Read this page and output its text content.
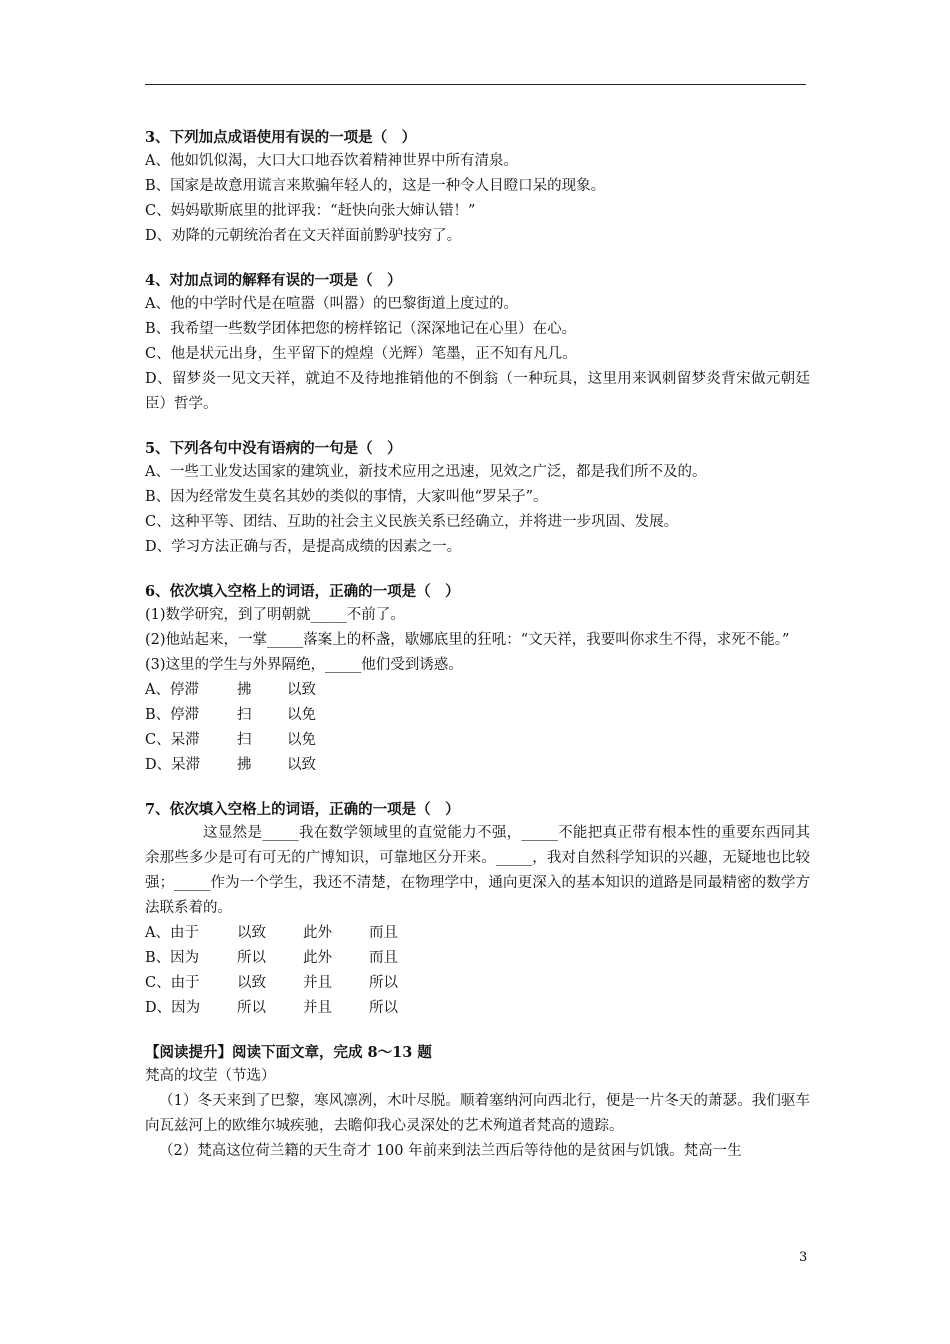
3、下列加点成语使用有误的一项是（　）
A、他如饥似渴，大口大口地吞饮着精神世界中所有清泉。
B、国家是故意用谎言来欺骗年轻人的，这是一种令人目瞪口呆的现象。
C、妈妈歇斯底里的批评我：“赶快向张大婶认错！”
D、劝降的元朝统治者在文天祥面前黔驴技穷了。
4、对加点词的解释有误的一项是（　）
A、他的中学时代是在喧嚣（叫嚣）的巴黎街道上度过的。
B、我希望一些数学团体把您的榜样铭记（深深地记在心里）在心。
C、他是状元出身，生平留下的煌煌（光辉）笔墨，正不知有凡几。
D、留梦炎一见文天祥，就迫不及待地推销他的不倒翁（一种玩具，这里用来讽刺留梦炎背宋做元朝廷臣）哲学。
5、下列各句中没有语病的一句是（　）
A、一些工业发达国家的建筑业，新技术应用之迅速，见效之广泛，都是我们所不及的。
B、因为经常发生莫名其妙的类似的事情，大家叫他“罗呆子”。
C、这种平等、团结、互助的社会主义民族关系已经确立，并将进一步巩固、发展。
D、学习方法正确与否，是提高成绩的因素之一。
6、依次填入空格上的词语，正确的一项是（　）
(1)数学研究，到了明朝就_____不前了。
(2)他站起来，一掌_____落案上的杯盏，歇娜底里的狂吼：“文天祥，我要叫你求生不得，求死不能。”
(3)这里的学生与外界隔绝，_____他们受到诱惑。
A、停滞	拂 以致
B、停滞	扫 以免
C、呆滞	扫 以免
D、呆滞	拂 以致
7、依次填入空格上的词语，正确的一项是（　）
这显然是_____我在数学领域里的直觉能力不强，_____不能把真正带有根本性的重要东西同其余那些多少是可有可无的广博知识，可靠地区分开来。_____，我对自然科学知识的兴趣，无疑地也比较强；_____作为一个学生，我还不清楚，在物理学中，通向更深入的基本知识的道路是同最精密的数学方法联系着的。
A、由于	以致	此外	而且
B、因为	所以	此外	而且
C、由于	以致	并且	所以
D、因为	所以	并且	所以
【阅读提升】阅读下面文章，完成 8～13 题
梵高的坟茔（节选）
（1）冬天来到了巴黎，寒风凛冽，木叶尽脱。顺着塞纳河向西北行，便是一片冬天的萧瑟。我们驱车向瓦兹河上的欧维尔城疾驰，去瞻仰我心灵深处的艺术殉道者梵高的遗踪。
（2）梵高这位荷兰籍的天生奇才 100 年前来到法兰西后等待他的是贫困与饥饿。梵高一生
3
